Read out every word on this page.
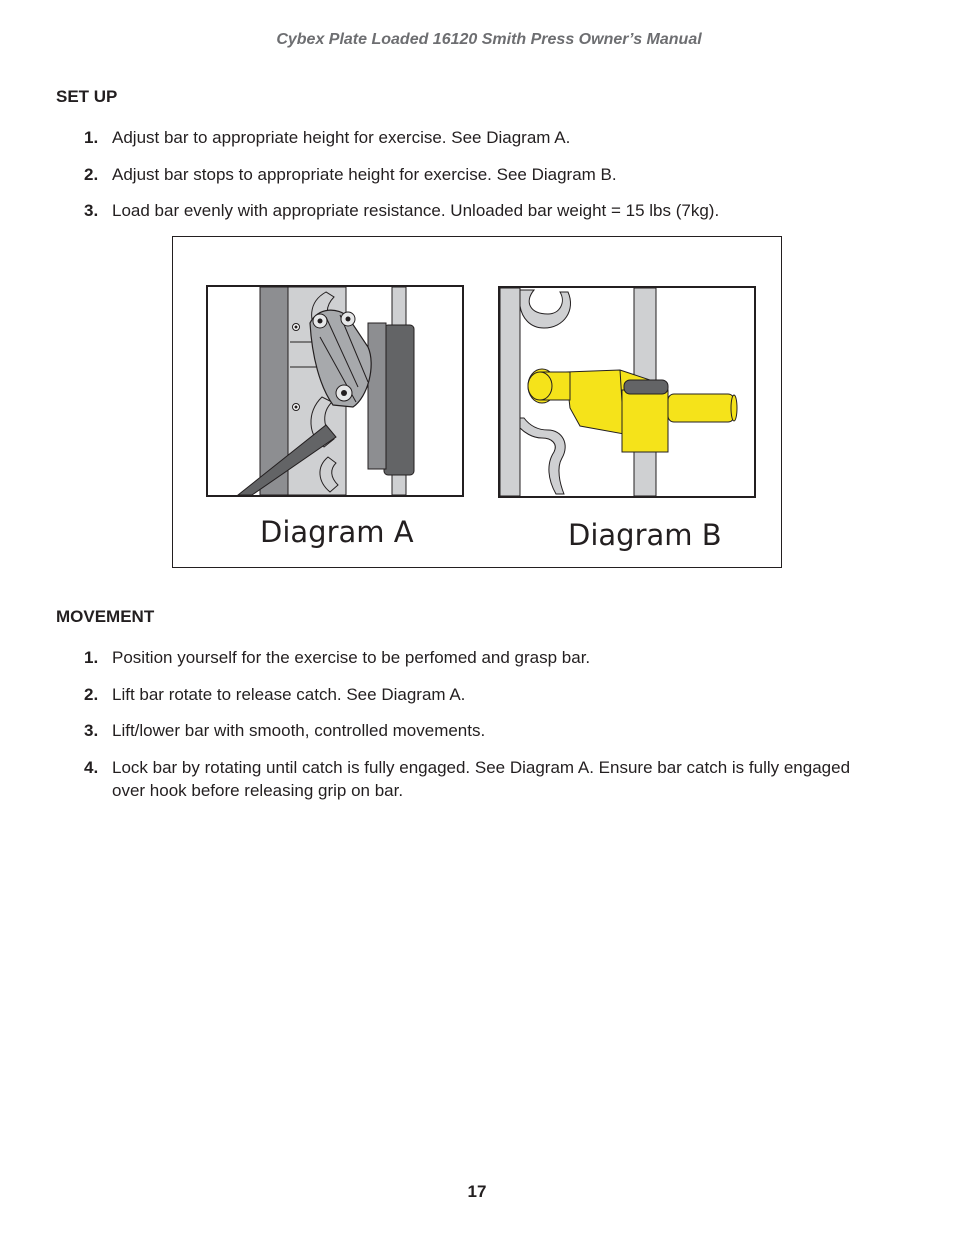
Cybex Plate Loaded 16120 Smith Press Owner’s Manual
SET UP
1. Adjust bar to appropriate height for exercise. See Diagram A.
2. Adjust bar stops to appropriate height for exercise. See Diagram B.
3. Load bar evenly with appropriate resistance. Unloaded bar weight = 15 lbs (7kg).
Diagram A	Diagram B
MOVEMENT
1. Position yourself for the exercise to be perfomed and grasp bar.
2. Lift bar rotate to release catch. See Diagram A.
3. Lift/lower bar with smooth, controlled movements.
4. Lock bar by rotating until catch is fully engaged. See Diagram A. Ensure bar catch is fully engaged over hook before releasing grip on bar.
17
